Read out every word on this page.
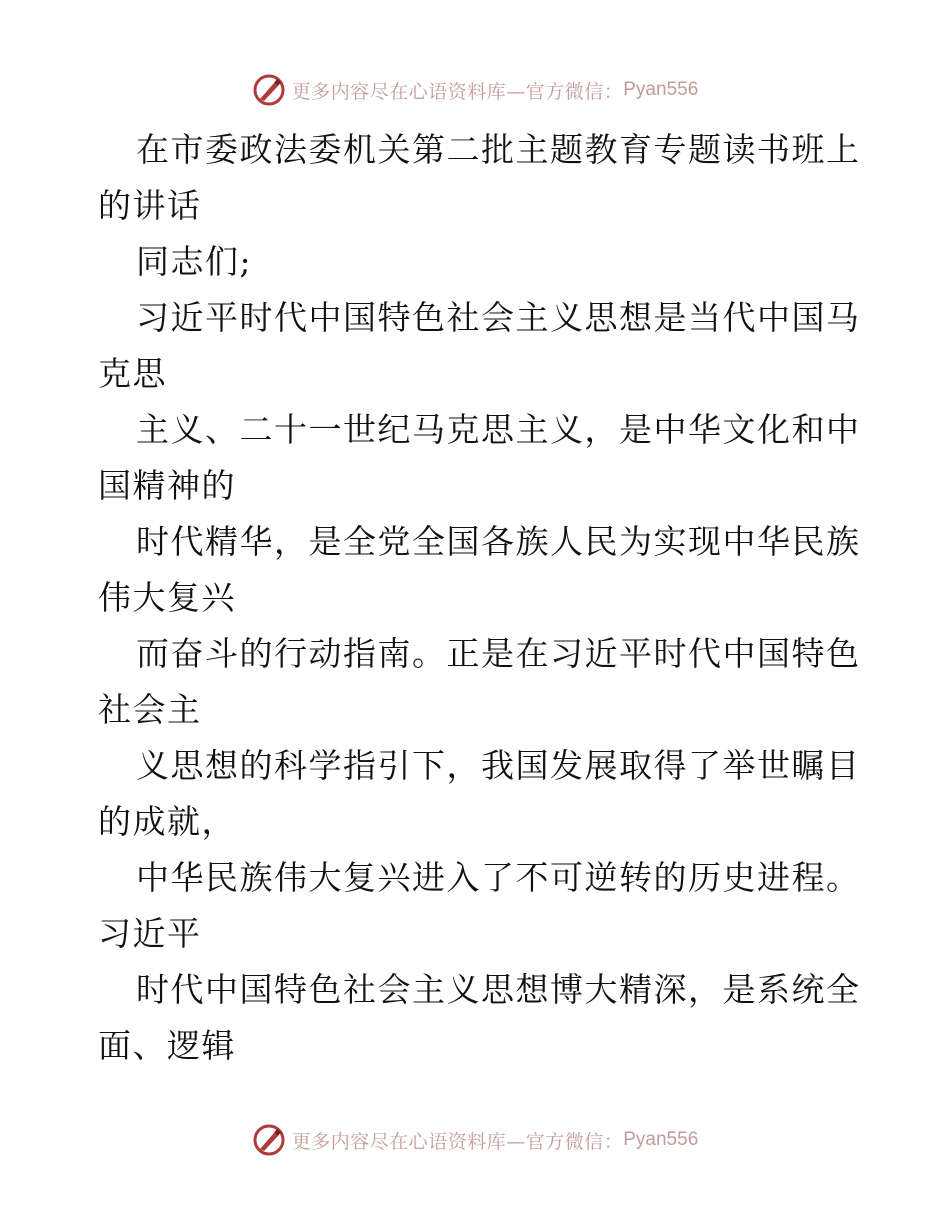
更多内容尽在心语资料库—官方微信： Pyan556
在市委政法委机关第二批主题教育专题读书班上
的讲话
同志们;
习近平时代中国特色社会主义思想是当代中国马
克思
主义、二十一世纪马克思主义，是中华文化和中
国精神的
时代精华，是全党全国各族人民为实现中华民族
伟大复兴
而奋斗的行动指南。正是在习近平时代中国特色
社会主
义思想的科学指引下，我国发展取得了举世瞩目
的成就，
中华民族伟大复兴进入了不可逆转的历史进程。
习近平
时代中国特色社会主义思想博大精深，是系统全
面、逻辑
更多内容尽在心语资料库—官方微信： Pyan556
